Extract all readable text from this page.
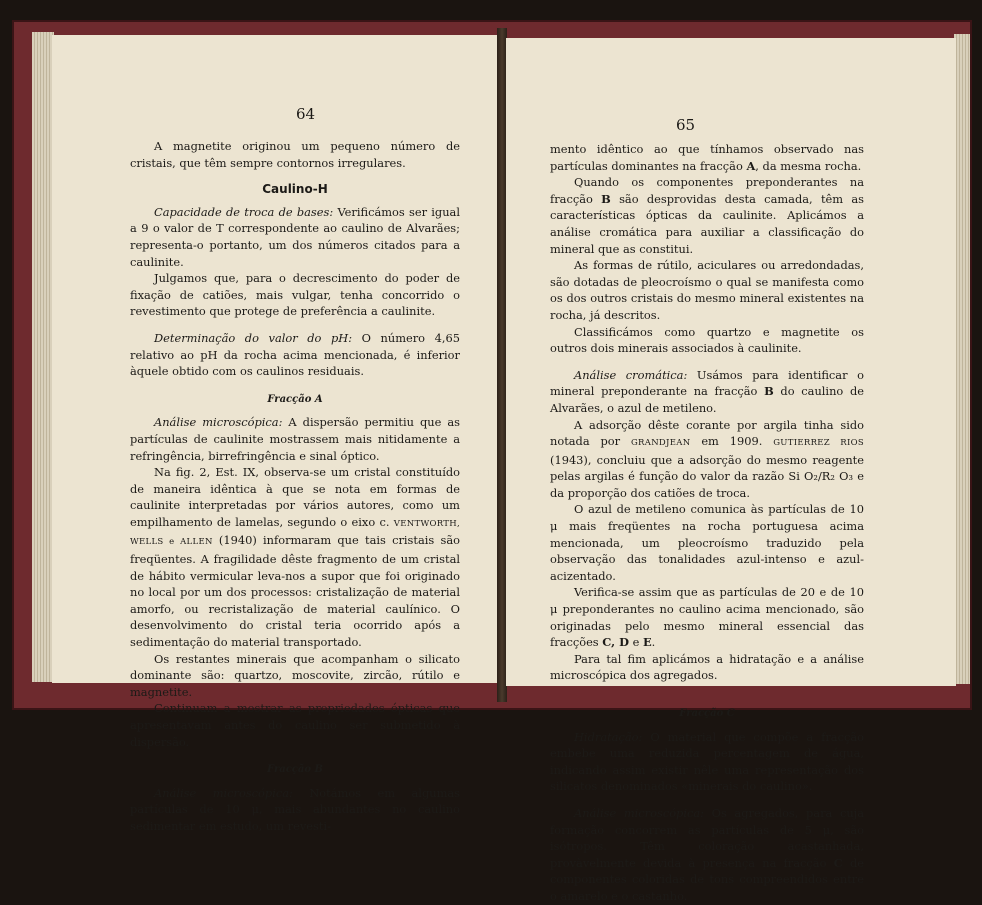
64

A magnetite originou um pequeno número de cristais, que têm sempre contornos irregulares.

Caulino-H

Capacidade de troca de bases: Verificámos ser igual a 9 o valor de T correspondente ao caulino de Alvarães; representa-o portanto, um dos números citados para a caulinite.

Julgamos que, para o decrescimento do poder de fixação de catiões, mais vulgar, tenha concorrido o revestimento que protege de preferência a caulinite.

Determinação do valor do pH: O número 4,65 relativo ao pH da rocha acima mencionada, é inferior àquele obtido com os caulinos residuais.

Fracção A

Análise microscópica: A dispersão permitiu que as partículas de caulinite mostrassem mais nitidamente a refringência, birrefringência e sinal óptico.

Na fig. 2, Est. IX, observa-se um cristal constituído de maneira idêntica à que se nota em formas de caulinite interpretadas por vários autores, como um empilhamento de lamelas, segundo o eixo c. VENTWORTH, WELLS e ALLEN (1940) informaram que tais cristais são freqüentes. A fragilidade dêste fragmento de um cristal de hábito vermicular leva-nos a supor que foi originado no local por um dos processos: cristalização de material amorfo, ou recristalização de material caulínico. O desenvolvimento do cristal teria ocorrido após a sedimentação do material transportado.

Os restantes minerais que acompanham o silicato dominante são: quartzo, moscovite, zircão, rútilo e magnetite.

Continuam a mostrar as propriedades ópticas que apresentavam antes do caulino ser submetido à dispersão.

Fracção B

Análise microscópica: Notámos em algumas partículas de 10 μ, mais abundantes no caulino sedimentar em estudo, um revesti-

65

mento idêntico ao que tínhamos observado nas partículas dominantes na fracção A, da mesma rocha.

Quando os componentes preponderantes na fracção B são desprovidas desta camada, têm as características ópticas da caulinite. Aplicámos a análise cromática para auxiliar a classificação do mineral que as constitui.

As formas de rútilo, aciculares ou arredondadas, são dotadas de pleocroísmo o qual se manifesta como os dos outros cristais do mesmo mineral existentes na rocha, já descritos.

Classificámos como quartzo e magnetite os outros dois minerais associados à caulinite.

Análise cromática: Usámos para identificar o mineral preponderante na fracção B do caulino de Alvarães, o azul de metileno.

A adsorção dêste corante por argila tinha sido notada por GRANDJEAN em 1909. GUTIERREZ RIOS (1943), concluiu que a adsorção do mesmo reagente pelas argilas é função do valor da razão Si O₂/R₂ O₃ e da proporção dos catiões de troca.

O azul de metileno comunica às partículas de 10 μ mais freqüentes na rocha portuguesa acima mencionada, um pleocroísmo traduzido pela observação das tonalidades azul-intenso e azul-acizentado.

Verifica-se assim que as partículas de 20 e de 10 μ preponderantes no caulino acima mencionado, são originadas pelo mesmo mineral essencial das fracções C, D e E.

Para tal fim aplicámos a hidratação e a análise microscópica dos agregados.

Fracção C

Hidratação: O material que compõe a fracção embebe uma reduzida percentagem de água, indicando assim existir nêle uma representação dos silicatos denominados «minerais do caulino».

Análise microscópica: Os agregados, para cuja formação concorrem as partículas de 5 μ, são isótropos. Têm coloração acastanhada, provàvelmente devida à presença na fracção C de componentes coloridas de tons compreendidos entre o amarelo e o castanho.
